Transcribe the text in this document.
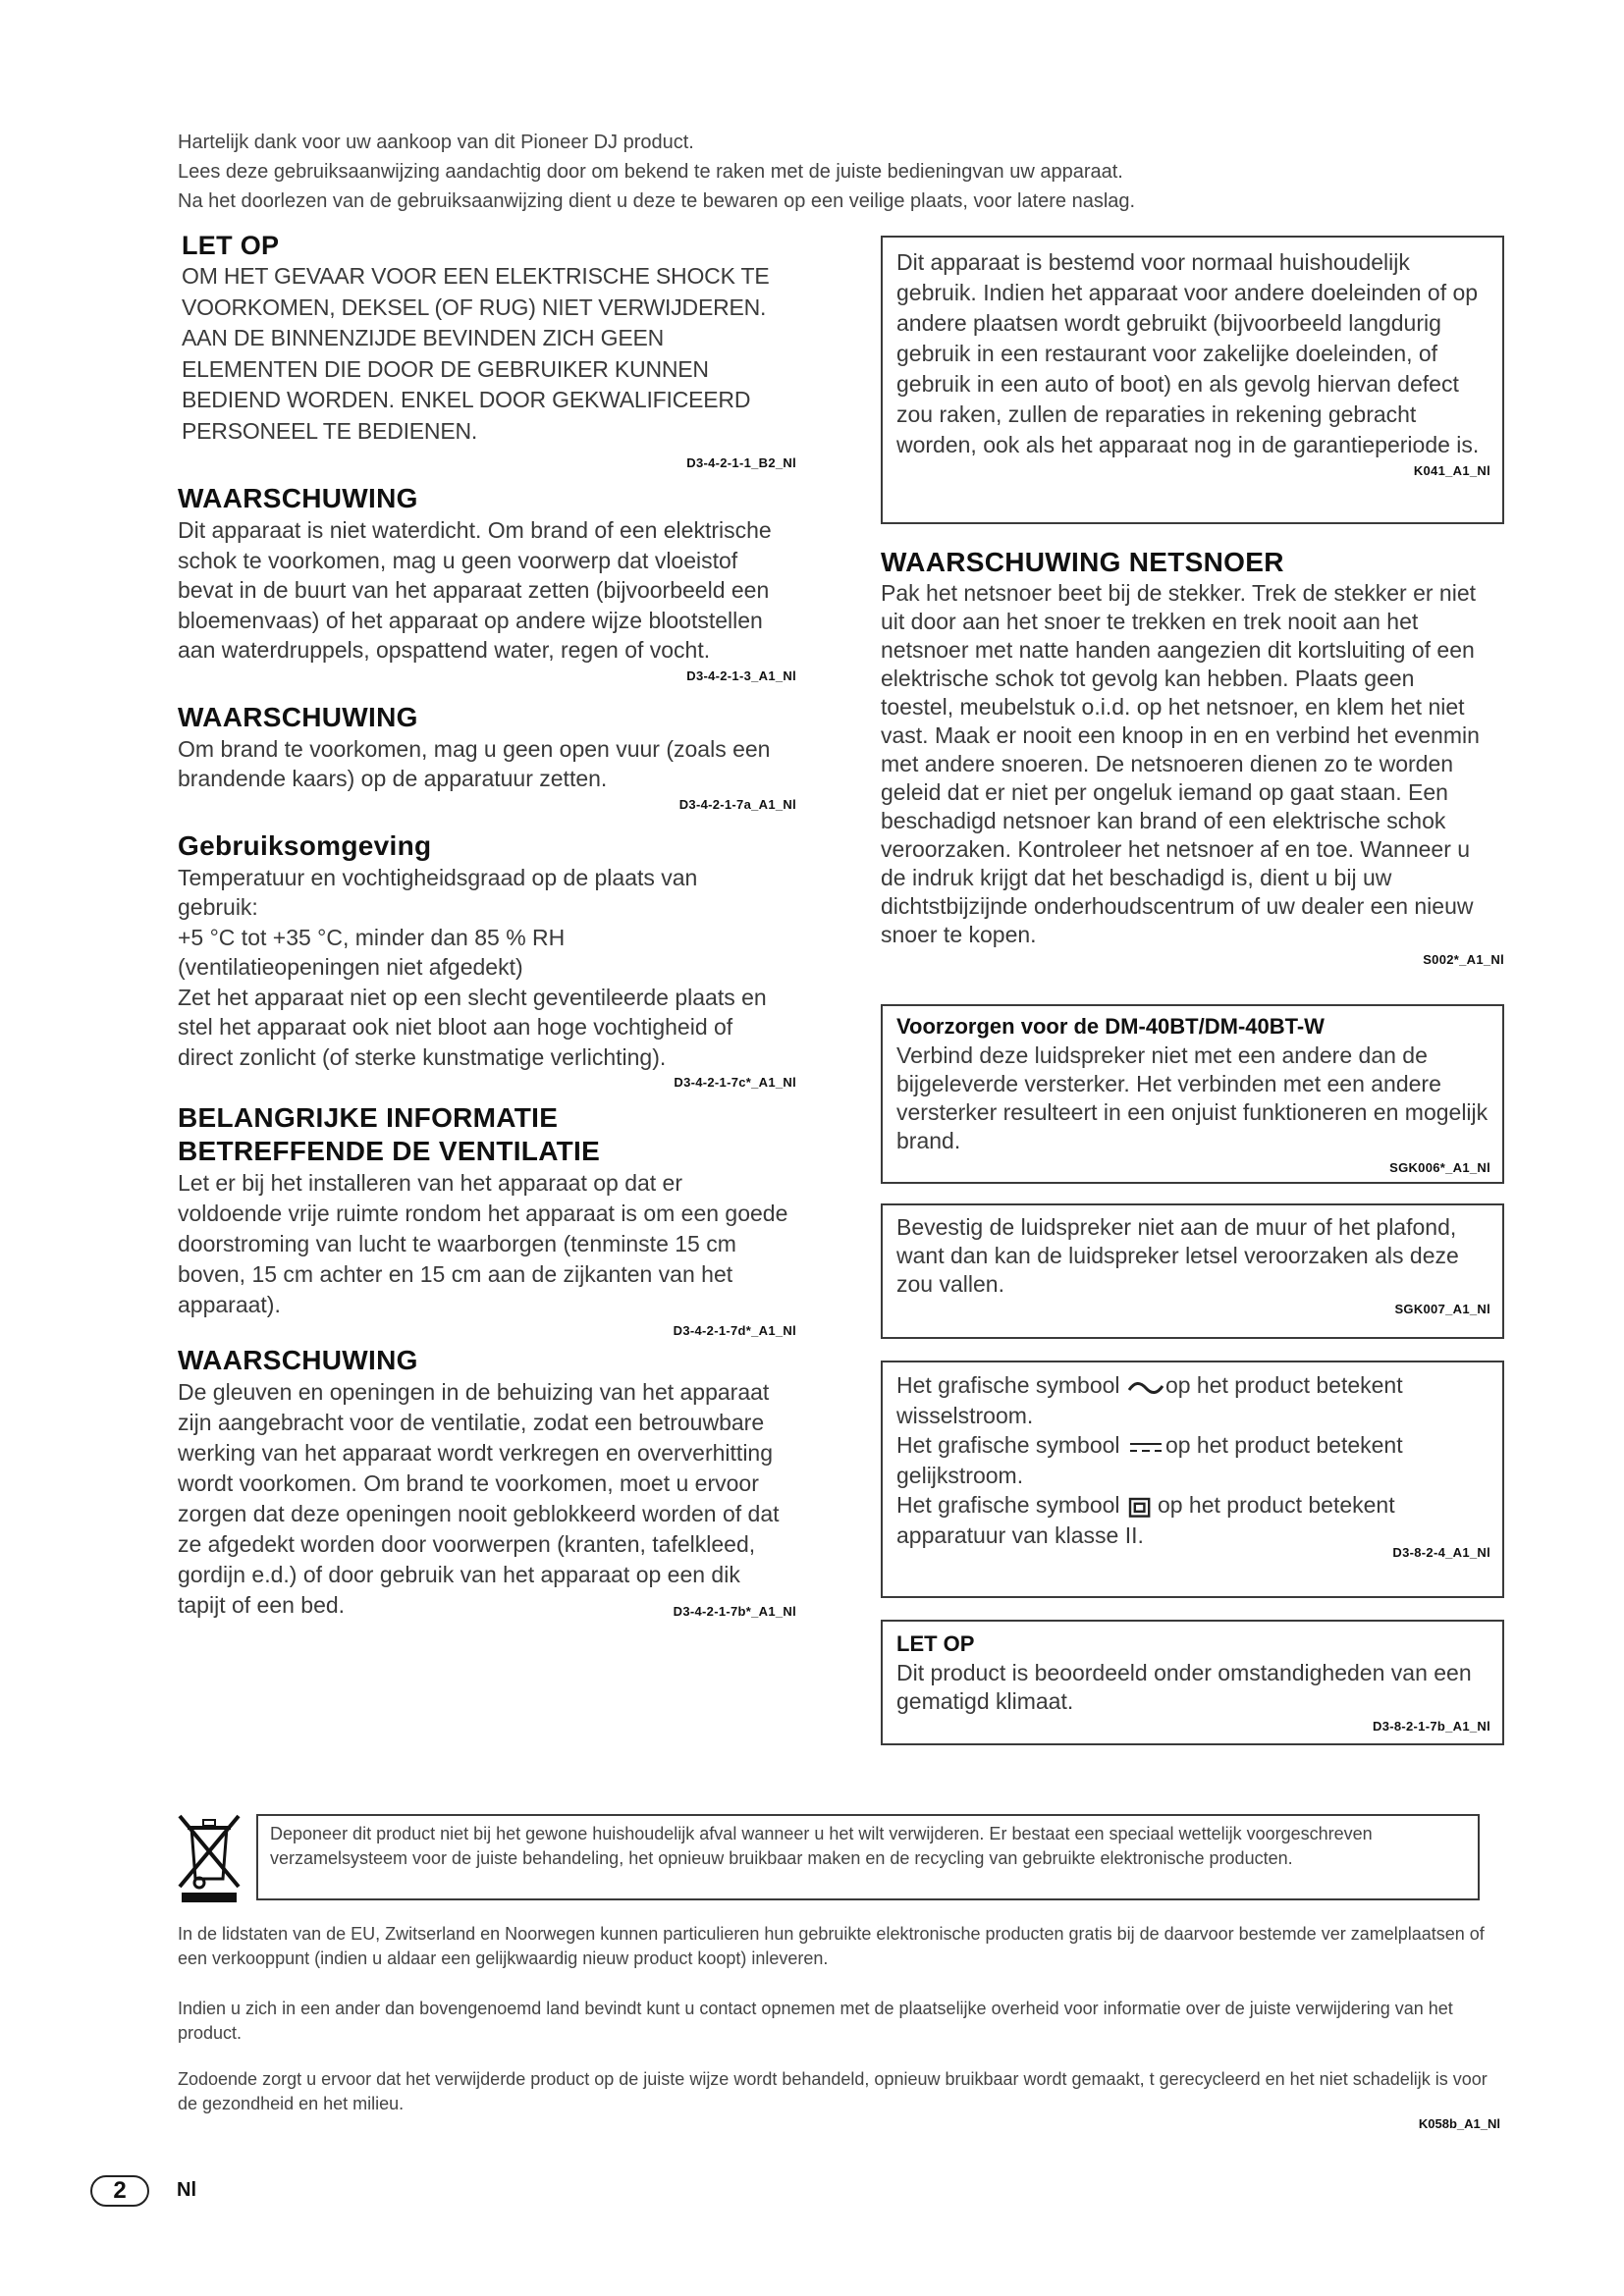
Hartelijk dank voor uw aankoop van dit Pioneer DJ product.

Lees deze gebruiksaanwijzing aandachtig door om bekend te raken met de juiste bedieningvan uw apparaat.

Na het doorlezen van de gebruiksaanwijzing dient u deze te bewaren op een veilige plaats, voor latere naslag.

LET OP
OM HET GEVAAR VOOR EEN ELEKTRISCHE SHOCK TE VOORKOMEN, DEKSEL (OF RUG) NIET VERWIJDEREN. AAN DE BINNENZIJDE BEVINDEN ZICH GEEN ELEMENTEN DIE DOOR DE GEBRUIKER KUNNEN BEDIEND WORDEN. ENKEL DOOR GEKWALIFICEERD PERSONEEL TE BEDIENEN.
D3-4-2-1-1_B2_Nl
WAARSCHUWING
Dit apparaat is niet waterdicht. Om brand of een elektrische schok te voorkomen, mag u geen voorwerp dat vloeistof bevat in de buurt van het apparaat zetten (bijvoorbeeld een bloemenvaas) of het apparaat op andere wijze blootstellen aan waterdruppels, opspattend water, regen of vocht.
D3-4-2-1-3_A1_Nl
WAARSCHUWING
Om brand te voorkomen, mag u geen open vuur (zoals een brandende kaars) op de apparatuur zetten.
D3-4-2-1-7a_A1_Nl
Gebruiksomgeving
Temperatuur en vochtigheidsgraad op de plaats van gebruik:
+5 °C tot +35 °C, minder dan 85 % RH
(ventilatieopeningen niet afgedekt)
Zet het apparaat niet op een slecht geventileerde plaats en stel het apparaat ook niet bloot aan hoge vochtigheid of direct zonlicht (of sterke kunstmatige verlichting).
D3-4-2-1-7c*_A1_Nl
BELANGRIJKE INFORMATIE BETREFFENDE DE VENTILATIE
Let er bij het installeren van het apparaat op dat er voldoende vrije ruimte rondom het apparaat is om een goede doorstroming van lucht te waarborgen (tenminste 15 cm boven, 15 cm achter en 15 cm aan de zijkanten van het apparaat).
D3-4-2-1-7d*_A1_Nl
WAARSCHUWING
De gleuven en openingen in de behuizing van het apparaat zijn aangebracht voor de ventilatie, zodat een betrouwbare werking van het apparaat wordt verkregen en oververhitting wordt voorkomen. Om brand te voorkomen, moet u ervoor zorgen dat deze openingen nooit geblokkeerd worden of dat ze afgedekt worden door voorwerpen (kranten, tafelkleed, gordijn e.d.) of door gebruik van het apparaat op een dik tapijt of een bed.	D3-4-2-1-7b*_A1_Nl
Dit apparaat is bestemd voor normaal huishoudelijk gebruik. Indien het apparaat voor andere doeleinden of op andere plaatsen wordt gebruikt (bijvoorbeeld langdurig gebruik in een restaurant voor zakelijke doeleinden, of gebruik in een auto of boot) en als gevolg hiervan defect zou raken, zullen de reparaties in rekening gebracht worden, ook als het apparaat nog in de garantieperiode is.
K041_A1_Nl
WAARSCHUWING NETSNOER
Pak het netsnoer beet bij de stekker. Trek de stekker er niet uit door aan het snoer te trekken en trek nooit aan het netsnoer met natte handen aangezien dit kortsluiting of een elektrische schok tot gevolg kan hebben. Plaats geen toestel, meubelstuk o.i.d. op het netsnoer, en klem het niet vast. Maak er nooit een knoop in en en verbind het evenmin met andere snoeren. De netsnoeren dienen zo te worden geleid dat er niet per ongeluk iemand op gaat staan. Een beschadigd netsnoer kan brand of een elektrische schok veroorzaken. Kontroleer het netsnoer af en toe. Wanneer u de indruk krijgt dat het beschadigd is, dient u bij uw dichtstbijzijnde onderhoudscentrum of uw dealer een nieuw snoer te kopen.
S002*_A1_Nl
Voorzorgen voor de DM-40BT/DM-40BT-W
Verbind deze luidspreker niet met een andere dan de bijgeleverde versterker. Het verbinden met een andere versterker resulteert in een onjuist funktioneren en mogelijk brand.
SGK006*_A1_Nl
Bevestig de luidspreker niet aan de muur of het plafond, want dan kan de luidspreker letsel veroorzaken als deze zou vallen.
SGK007_A1_Nl
Het grafische symbool op het product betekent
wisselstroom.
Het grafische symbool op het product betekent
gelijkstroom.
Het grafische symbool op het product betekent
apparatuur van klasse II.
D3-8-2-4_A1_Nl
LET OP
Dit product is beoordeeld onder omstandigheden van een gematigd klimaat.
D3-8-2-1-7b_A1_Nl
Deponeer dit product niet bij het gewone huishoudelijk afval wanneer u het wilt verwijderen. Er bestaat een speciaal wettelijk voorgeschreven verzamelsysteem voor de juiste behandeling, het opnieuw bruikbaar maken en de recycling van gebruikte elektronische producten.

In de lidstaten van de EU, Zwitserland en Noorwegen kunnen particulieren hun gebruikte elektronische producten gratis bij de daarvoor bestemde ver zamelplaatsen of een verkooppunt (indien u aldaar een gelijkwaardig nieuw product koopt) inleveren.

Indien u zich in een ander dan bovengenoemd land bevindt kunt u contact opnemen met de plaatselijke overheid voor informatie over de juiste verwijdering van het product.

Zodoende zorgt u ervoor dat het verwijderde product op de juiste wijze wordt behandeld, opnieuw bruikbaar wordt gemaakt, t gerecycleerd en het niet schadelijk is voor de gezondheid en het milieu.

K058b_A1_Nl
2	Nl
